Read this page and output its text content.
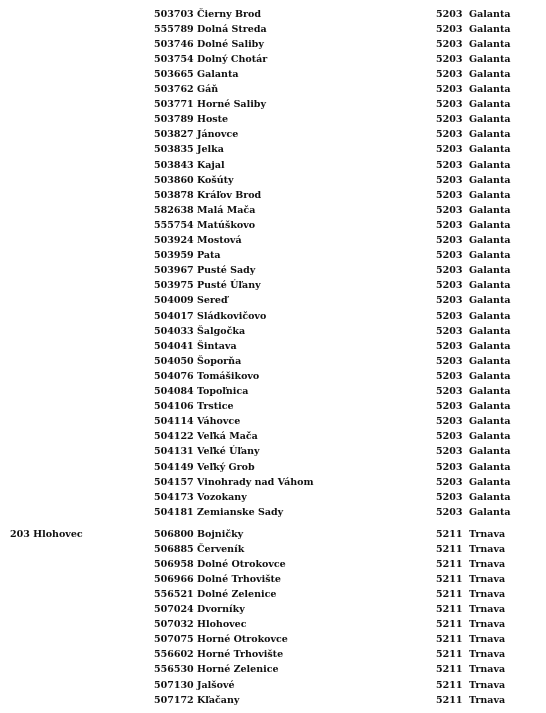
503703 Čierny Brod	5203 Galanta
555789 Dolná Streda	5203 Galanta
503746 Dolné Saliby	5203 Galanta
503754 Dolný Chotár	5203 Galanta
503665 Galanta	5203 Galanta
503762 Gáň	5203 Galanta
503771 Horné Saliby	5203 Galanta
503789 Hoste	5203 Galanta
503827 Jánovce	5203 Galanta
503835 Jelka	5203 Galanta
503843 Kajal	5203 Galanta
503860 Košúty	5203 Galanta
503878 Kráľov Brod	5203 Galanta
582638 Malá Mača	5203 Galanta
555754 Matúškovo	5203 Galanta
503924 Mostová	5203 Galanta
503959 Pata	5203 Galanta
503967 Pusté Sady	5203 Galanta
503975 Pusté Úľany	5203 Galanta
504009 Sereď	5203 Galanta
504017 Sládkovičovo	5203 Galanta
504033 Šalgočka	5203 Galanta
504041 Šintava	5203 Galanta
504050 Šoporňa	5203 Galanta
504076 Tomášikovo	5203 Galanta
504084 Topoľnica	5203 Galanta
504106 Trstice	5203 Galanta
504114 Váhovce	5203 Galanta
504122 Veľká Mača	5203 Galanta
504131 Veľké Úľany	5203 Galanta
504149 Veľký Grob	5203 Galanta
504157 Vinohrady nad Váhom	5203 Galanta
504173 Vozokany	5203 Galanta
504181 Zemianske Sady	5203 Galanta
203 Hlohovec	506800 Bojničky	5211 Trnava
506885 Červeník	5211 Trnava
506958 Dolné Otrokovce	5211 Trnava
506966 Dolné Trhovište	5211 Trnava
556521 Dolné Zelenice	5211 Trnava
507024 Dvorníky	5211 Trnava
507032 Hlohovec	5211 Trnava
507075 Horné Otrokovce	5211 Trnava
556602 Horné Trhovište	5211 Trnava
556530 Horné Zelenice	5211 Trnava
507130 Jalšové	5211 Trnava
507172 Kľačany	5211 Trnava
